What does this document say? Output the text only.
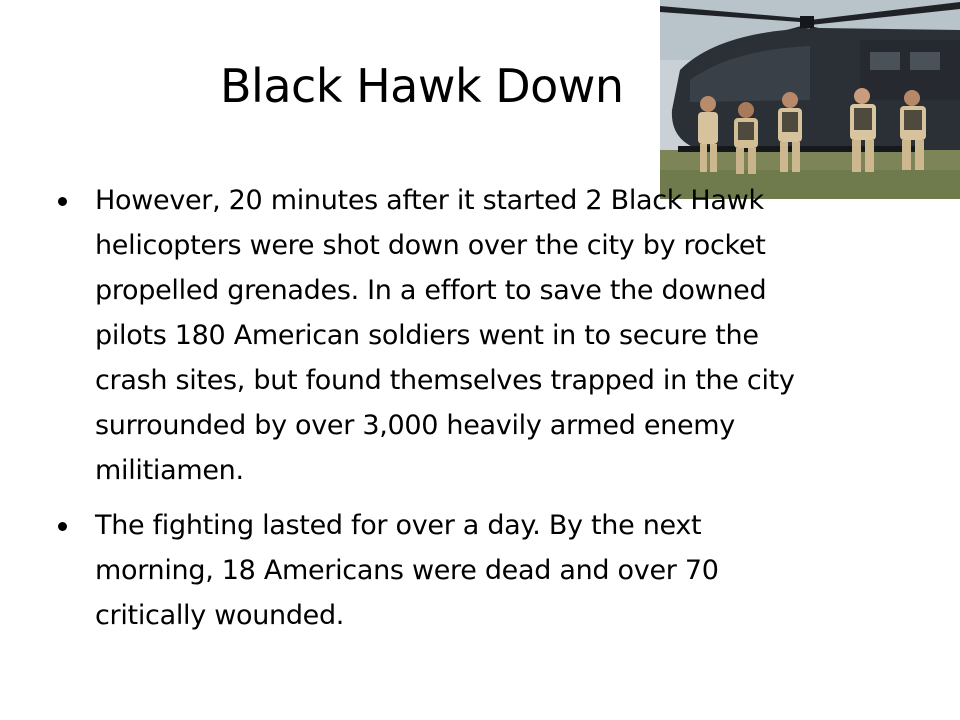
Black Hawk Down
However, 20 minutes after it started 2 Black Hawk
helicopters were shot down over the city by rocket
propelled grenades. In a effort to save the downed
pilots 180 American soldiers went in to secure the
crash sites, but found themselves trapped in the city
surrounded by over 3,000 heavily armed enemy
militiamen.
The fighting lasted for over a day. By the next
morning, 18 Americans were dead and over 70
critically wounded.
